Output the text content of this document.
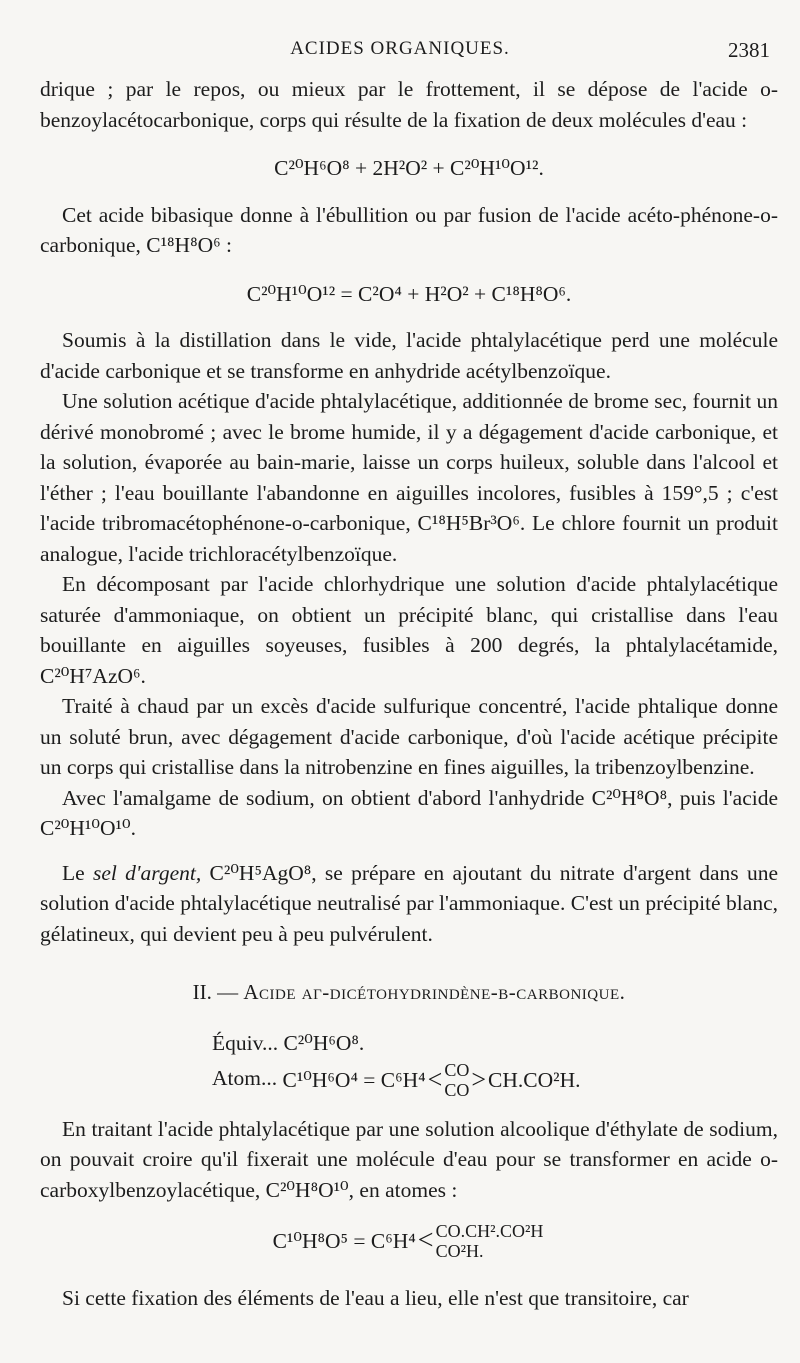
ACIDES ORGANIQUES.	2381

drique ; par le repos, ou mieux par le frottement, il se dépose de l'acide o-benzoylacétocarbonique, corps qui résulte de la fixation de deux molécules d'eau :

C²⁰H⁶O⁸ + 2H²O² + C²⁰H¹⁰O¹².

Cet acide bibasique donne à l'ébullition ou par fusion de l'acide acéto-phénone-o-carbonique, C¹⁸H⁸O⁶ :

C²⁰H¹⁰O¹² = C²O⁴ + H²O² + C¹⁸H⁸O⁶.

Soumis à la distillation dans le vide, l'acide phtalylacétique perd une molécule d'acide carbonique et se transforme en anhydride acétylbenzoïque.

Une solution acétique d'acide phtalylacétique, additionnée de brome sec, fournit un dérivé monobromé ; avec le brome humide, il y a dégagement d'acide carbonique, et la solution, évaporée au bain-marie, laisse un corps huileux, soluble dans l'alcool et l'éther ; l'eau bouillante l'abandonne en aiguilles incolores, fusibles à 159°,5 ; c'est l'acide tribromacétophénone-o-carbonique, C¹⁸H⁵Br³O⁶. Le chlore fournit un produit analogue, l'acide trichloracétylbenzoïque.

En décomposant par l'acide chlorhydrique une solution d'acide phtalylacétique saturée d'ammoniaque, on obtient un précipité blanc, qui cristallise dans l'eau bouillante en aiguilles soyeuses, fusibles à 200 degrés, la phtalylacétamide, C²⁰H⁷AzO⁶.

Traité à chaud par un excès d'acide sulfurique concentré, l'acide phtalique donne un soluté brun, avec dégagement d'acide carbonique, d'où l'acide acétique précipite un corps qui cristallise dans la nitrobenzine en fines aiguilles, la tribenzoylbenzine.

Avec l'amalgame de sodium, on obtient d'abord l'anhydride C²⁰H⁸O⁸, puis l'acide C²⁰H¹⁰O¹⁰.

Le sel d'argent, C²⁰H⁵AgO⁸, se prépare en ajoutant du nitrate d'argent dans une solution d'acide phtalylacétique neutralisé par l'ammoniaque. C'est un précipité blanc, gélatineux, qui devient peu à peu pulvérulent.

II. — Acide αγ-dicétohydrindène-β-carbonique.
Équiv... C²⁰H⁶O⁸.
Atom... C¹⁰H⁶O⁴ = C⁶H⁴ < CO
CO > CH.CO²H.

En traitant l'acide phtalylacétique par une solution alcoolique d'éthylate de sodium, on pouvait croire qu'il fixerait une molécule d'eau pour se transformer en acide o-carboxylbenzoylacétique, C²⁰H⁸O¹⁰, en atomes :

C¹⁰H⁸O⁵ = C⁶H⁴ < CO.CH².CO²H
CO²H.

Si cette fixation des éléments de l'eau a lieu, elle n'est que transitoire, car
